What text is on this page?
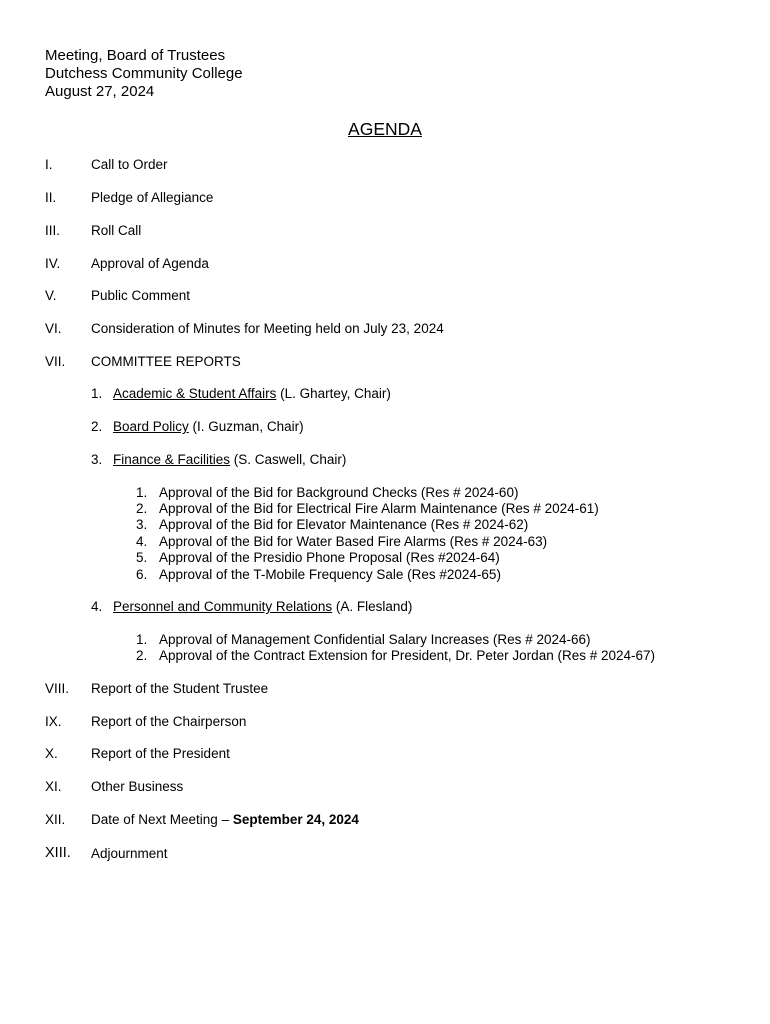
Meeting, Board of Trustees
Dutchess Community College
August 27, 2024
AGENDA
I.	Call to Order
II.	Pledge of Allegiance
III. Roll Call
IV. Approval of Agenda
V.	Public Comment
VI. Consideration of Minutes for Meeting held on July 23, 2024
VII. COMMITTEE REPORTS
1. Academic & Student Affairs (L. Ghartey, Chair)
2. Board Policy (I. Guzman, Chair)
3. Finance & Facilities (S. Caswell, Chair)
1. Approval of the Bid for Background Checks (Res # 2024-60)
2. Approval of the Bid for Electrical Fire Alarm Maintenance (Res # 2024-61)
3. Approval of the Bid for Elevator Maintenance (Res # 2024-62)
4. Approval of the Bid for Water Based Fire Alarms (Res # 2024-63)
5. Approval of the Presidio Phone Proposal (Res #2024-64)
6. Approval of the T-Mobile Frequency Sale (Res #2024-65)
4. Personnel and Community Relations (A. Flesland)
1. Approval of Management Confidential Salary Increases (Res # 2024-66)
2. Approval of the Contract Extension for President, Dr. Peter Jordan (Res # 2024-67)
VIII. Report of the Student Trustee
IX. Report of the Chairperson
X. Report of the President
XI. Other Business
XII. Date of Next Meeting – September 24, 2024
XIII. Adjournment
